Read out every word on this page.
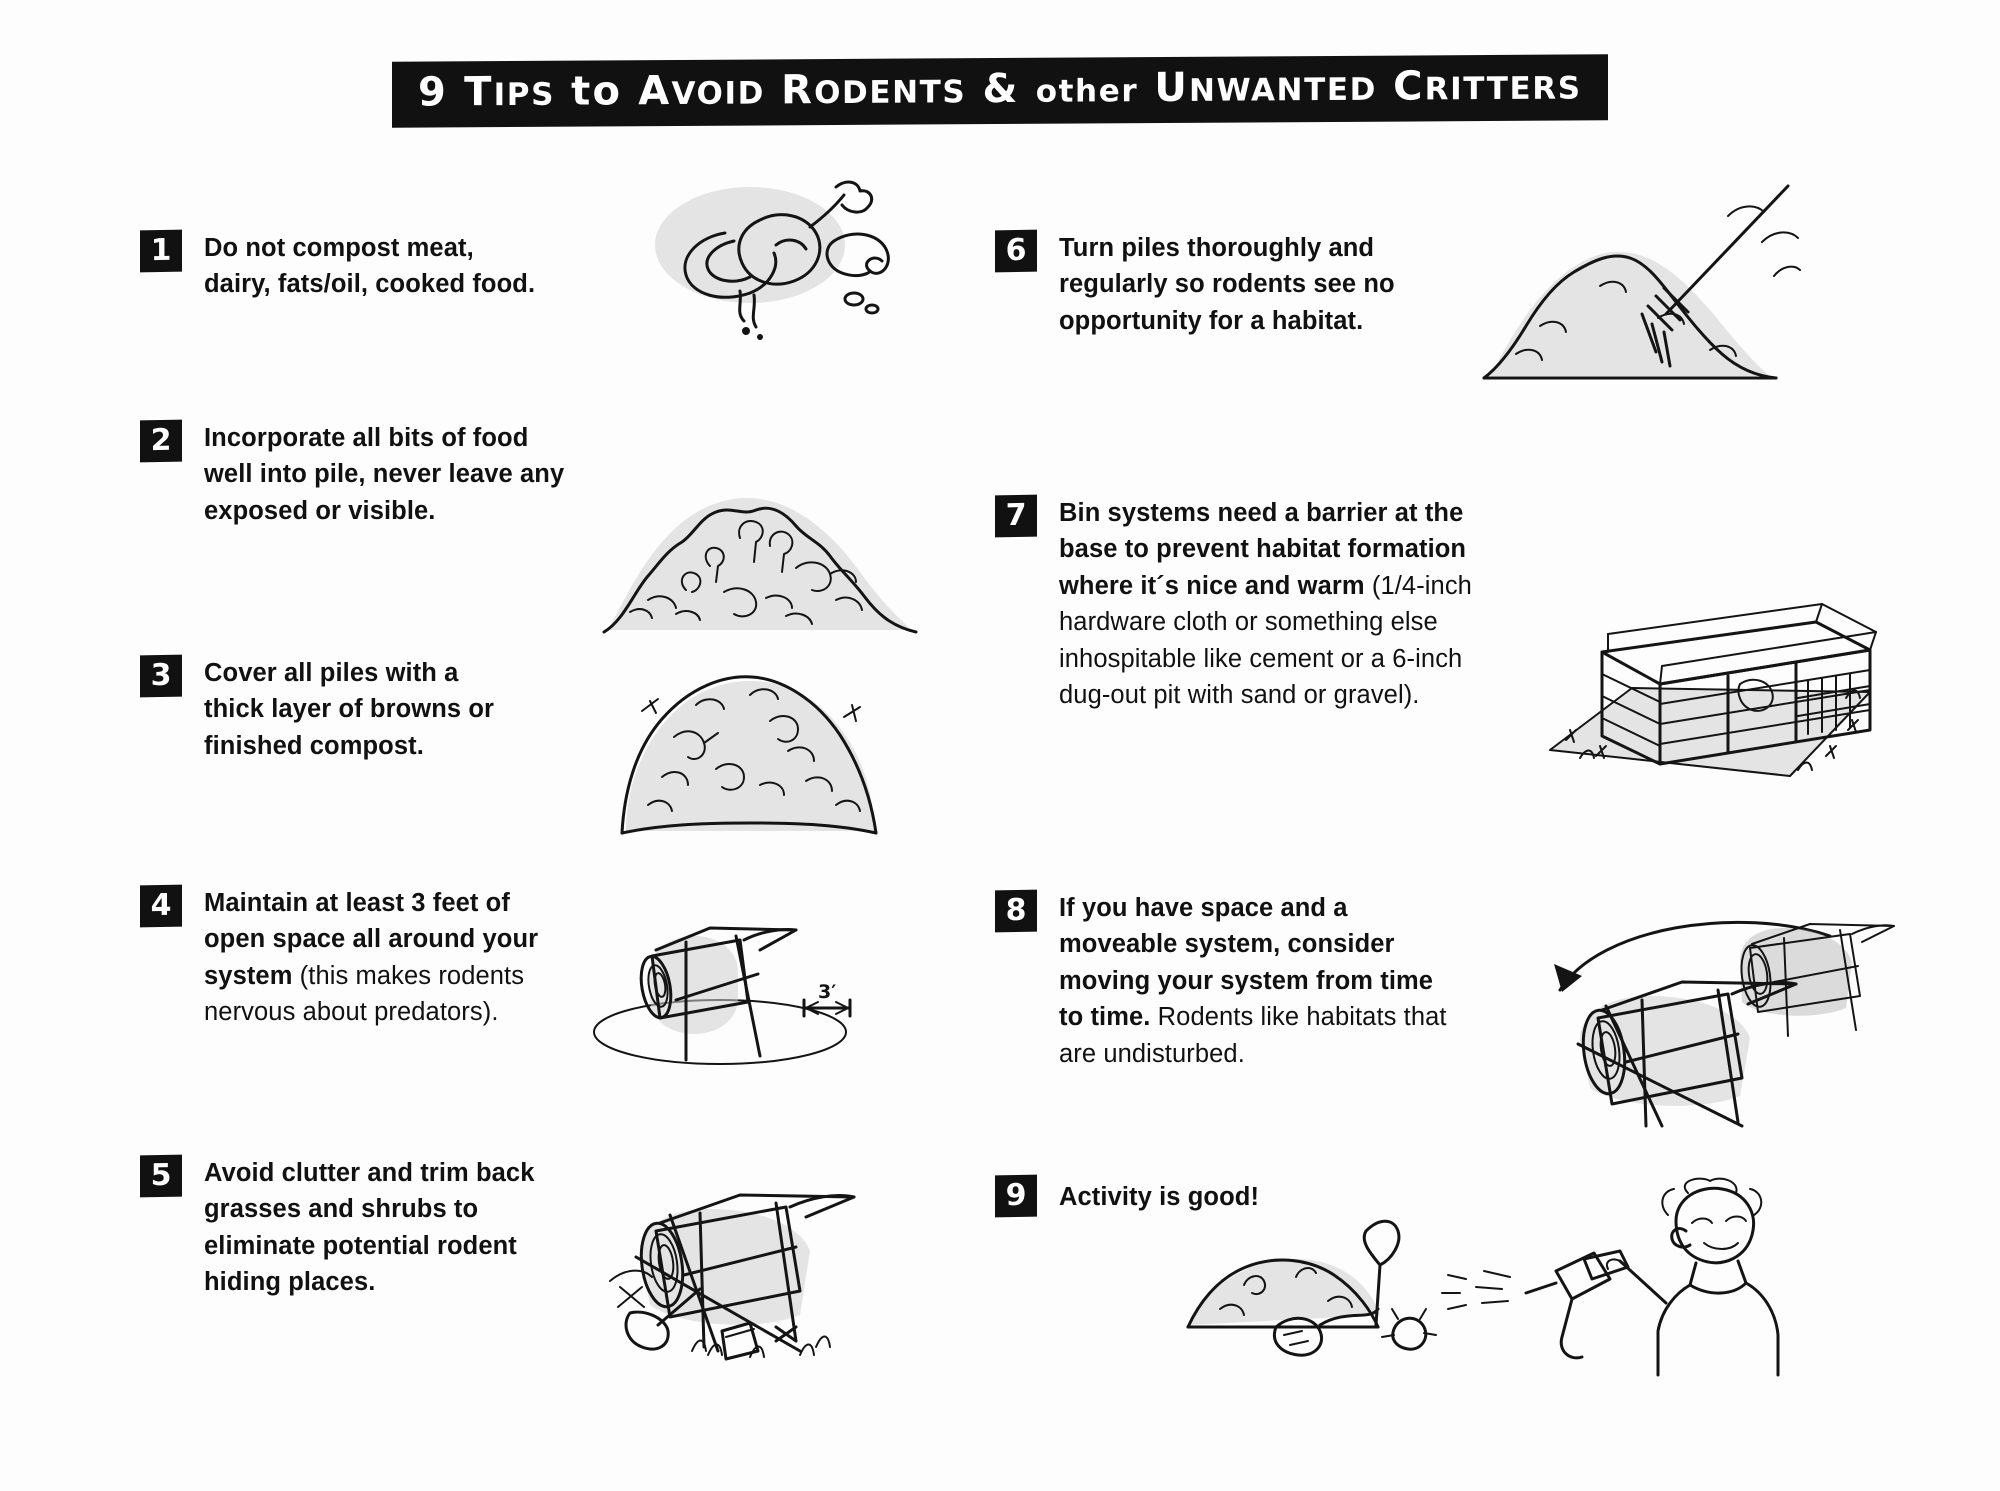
9 TIPS to AVOID RODENTS & other UNWANTED CRITTERS
1	Do not compost meat, dairy, fats/oil, cooked food.
2	Incorporate all bits of food well into pile, never leave any exposed or visible.
3	Cover all piles with a thick layer of browns or finished compost.
4	Maintain at least 3 feet of open space all around your system (this makes rodents nervous about predators).
5	Avoid clutter and trim back grasses and shrubs to eliminate potential rodent hiding places.
6	Turn piles thoroughly and regularly so rodents see no opportunity for a habitat.
7	Bin systems need a barrier at the base to prevent habitat formation where it´s nice and warm (1/4-inch hardware cloth or something else inhospitable like cement or a 6-inch dug-out pit with sand or gravel).
8	If you have space and a moveable system, consider moving your system from time to time. Rodents like habitats that are undisturbed.
9	Activity is good!
3′
